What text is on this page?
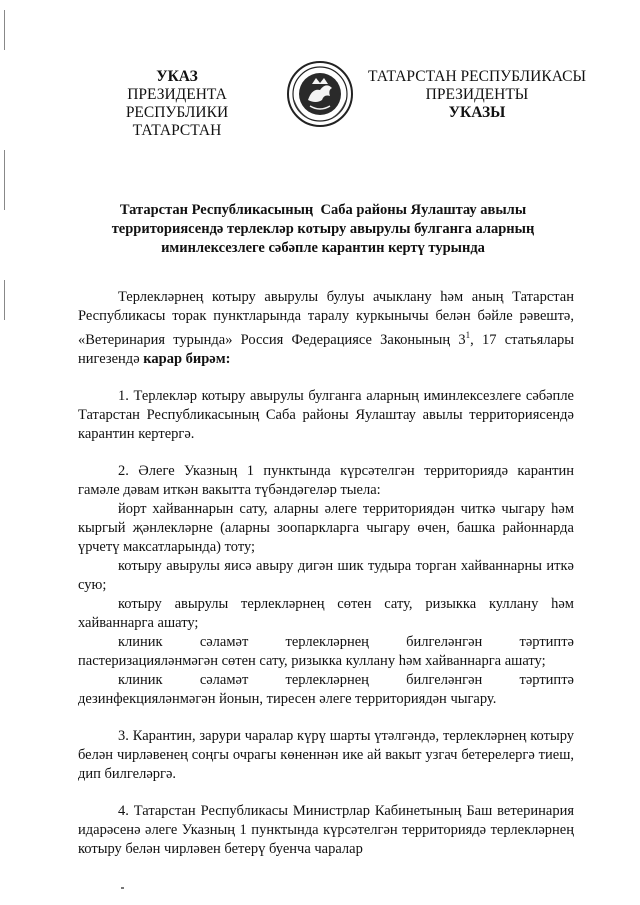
УКАЗ
ПРЕЗИДЕНТА
РЕСПУБЛИКИ ТАТАРСТАН
ТАТАРСТАН РЕСПУБЛИКАСЫ
ПРЕЗИДЕНТЫ
УКАЗЫ
Татарстан Республикасының  Саба районы Яулаштау авылы
территориясендә терлекләр котыру авырулы булганга аларның
иминлексезлеге сәбәпле карантин кертү турында

Терлекләрнең котыру авырулы булуы ачыклану һәм аның Татарстан Республикасы торак пунктларында таралу куркынычы белән бәйле рәвештә, «Ветеринария турында» Россия Федерациясе Законының $3^1$, 17 статьялары нигезендә карар бирәм:

1. Терлекләр котыру авырулы булганга аларның иминлексезлеге сәбәпле Татарстан Республикасының Саба районы Яулаштау авылы территориясендә карантин кертергә.

2. Әлеге Указның 1 пунктында күрсәтелгән территориядә карантин гамәле дәвам иткән вакытта түбәндәгеләр тыела:

йорт хайваннарын сату, аларны әлеге территориядән читкә чыгару һәм кыргый җәнлекләрне (аларны зоопаркларга чыгару өчен, башка районнарда үрчетү максатларында) тоту;

котыру авырулы яисә авыру дигән шик тудыра торган хайваннарны иткә сую;

котыру авырулы терлекләрнең сөтен сату, ризыкка куллану һәм хайваннарга ашату;

клиник	сәламәт	терлекләрнең	билгеләнгән	тәртиптә
пастеризацияләнмәгән сөтен сату, ризыкка куллану һәм хайваннарга ашату;
клиник	сәламәт	терлекләрнең	билгеләнгән	тәртиптә
дезинфекцияләнмәгән йонын, тиресен әлеге территориядән чыгару.

3. Карантин, зарури чаралар күрү шарты үтәлгәндә, терлекләрнең котыру белән чирләвенең соңгы очрагы көненнән ике ай вакыт узгач бетерелергә тиеш, дип билгеләргә.

4. Татарстан Республикасы Министрлар Кабинетының Баш ветеринария идарәсенә әлеге Указның 1 пунктында күрсәтелгән территориядә терлекләрнең котыру белән чирләвен бетерү буенча чаралар
